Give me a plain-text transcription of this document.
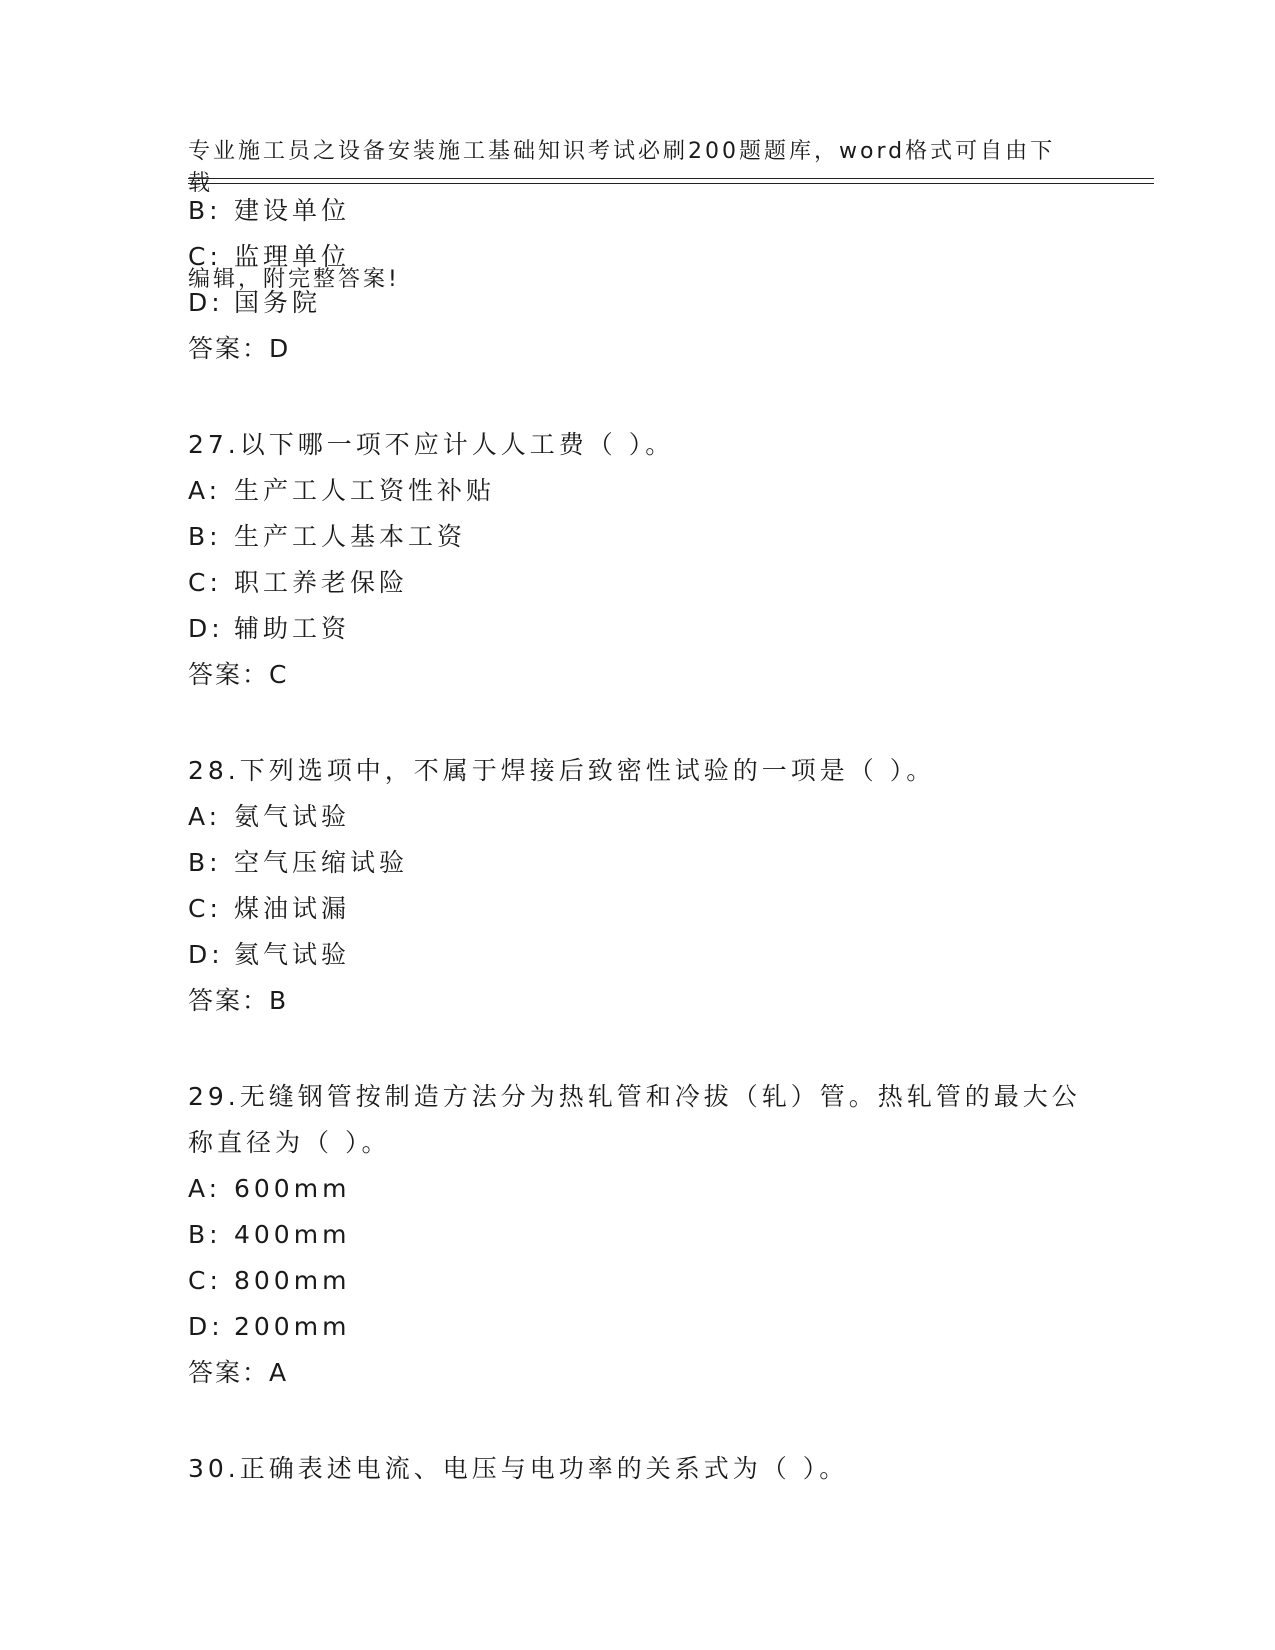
专业施工员之设备安装施工基础知识考试必刷200题题库，word格式可自由下载

编辑，附完整答案!

B: 建设单位
C: 监理单位
D: 国务院
答案：D
27.以下哪一项不应计人人工费（ ）。
A: 生产工人工资性补贴
B: 生产工人基本工资
C: 职工养老保险
D: 辅助工资
答案：C
28.下列选项中，不属于焊接后致密性试验的一项是（ ）。
A: 氨气试验
B: 空气压缩试验
C: 煤油试漏
D: 氦气试验
答案：B
29.无缝钢管按制造方法分为热轧管和冷拔（轧）管。热轧管的最大公
称直径为（ ）。
A: 600mm
B: 400mm
C: 800mm
D: 200mm
答案：A
30.正确表述电流、电压与电功率的关系式为（ ）。
